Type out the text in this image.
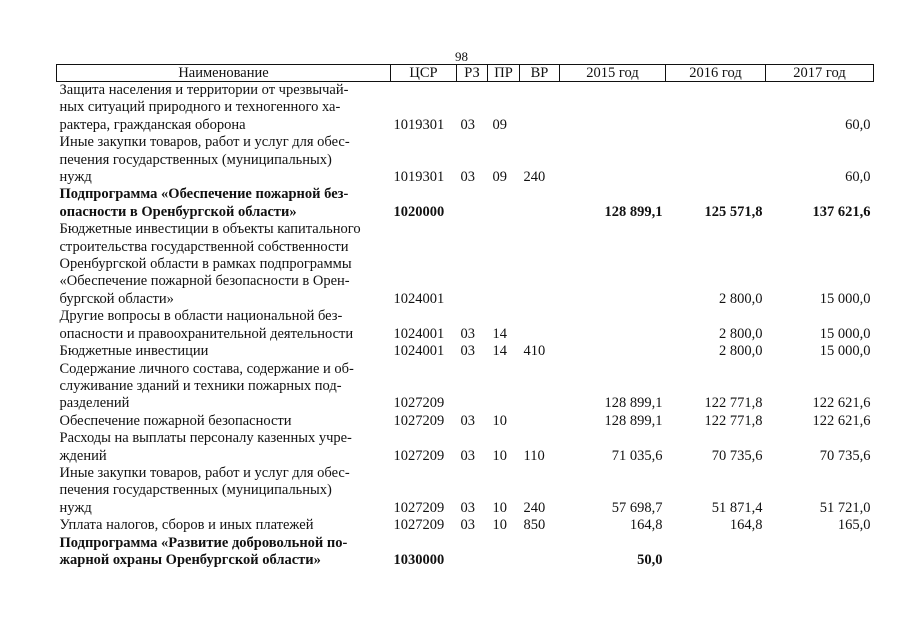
98
Наименование	ЦСР	РЗ	ПР	ВР	2015 год	2016 год	2017 год

Защита населения и территории от чрезвычай-
ных ситуаций природного и техногенного ха-
рактера, гражданская оборона	1019301	03	09				60,0

Иные закупки товаров, работ и услуг для обес-
печения государственных (муниципальных)
нужд	1019301	03	09	240			60,0

Подпрограмма «Обеспечение пожарной без-
опасности в Оренбургской области»	1020000				128 899,1	125 571,8	137 621,6

Бюджетные инвестиции в объекты капитального
строительства государственной собственности
Оренбургской области в рамках подпрограммы
«Обеспечение пожарной безопасности в Орен-
бургской области»	1024001					2 800,0	15 000,0

Другие вопросы в области национальной без-
опасности и правоохранительной деятельности	1024001	03	14			2 800,0	15 000,0

Бюджетные инвестиции	1024001	03	14	410		2 800,0	15 000,0

Содержание личного состава, содержание и об-
служивание зданий и техники пожарных под-
разделений	1027209				128 899,1	122 771,8	122 621,6

Обеспечение пожарной безопасности	1027209	03	10		128 899,1	122 771,8	122 621,6

Расходы на выплаты персоналу казенных учре-
ждений	1027209	03	10	110	71 035,6	70 735,6	70 735,6

Иные закупки товаров, работ и услуг для обес-
печения государственных (муниципальных)
нужд	1027209	03	10	240	57 698,7	51 871,4	51 721,0

Уплата налогов, сборов и иных платежей	1027209	03	10	850	164,8	164,8	165,0

Подпрограмма «Развитие добровольной по-
жарной охраны Оренбургской области»	1030000				50,0		
